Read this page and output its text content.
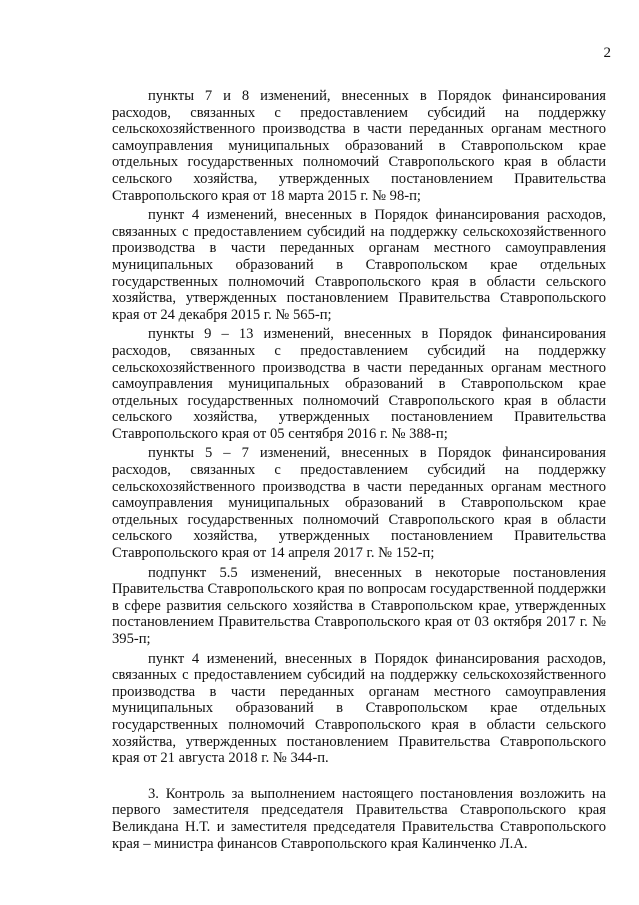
2

пункты 7 и 8 изменений, внесенных в Порядок финансирования расходов, связанных с предоставлением субсидий на поддержку сельскохозяйственного производства в части переданных органам местного самоуправления муниципальных образований в Ставропольском крае отдельных государственных полномочий Ставропольского края в области сельского хозяйства, утвержденных постановлением Правительства Ставропольского края от 18 марта 2015 г. № 98-п;

пункт 4 изменений, внесенных в Порядок финансирования расходов, связанных с предоставлением субсидий на поддержку сельскохозяйственного производства в части переданных органам местного самоуправления муниципальных образований в Ставропольском крае отдельных государственных полномочий Ставропольского края в области сельского хозяйства, утвержденных постановлением Правительства Ставропольского края от 24 декабря 2015 г. № 565-п;

пункты 9 – 13 изменений, внесенных в Порядок финансирования расходов, связанных с предоставлением субсидий на поддержку сельскохозяйственного производства в части переданных органам местного самоуправления муниципальных образований в Ставропольском крае отдельных государственных полномочий Ставропольского края в области сельского хозяйства, утвержденных постановлением Правительства Ставропольского края от 05 сентября 2016 г. № 388-п;

пункты 5 – 7 изменений, внесенных в Порядок финансирования расходов, связанных с предоставлением субсидий на поддержку сельскохозяйственного производства в части переданных органам местного самоуправления муниципальных образований в Ставропольском крае отдельных государственных полномочий Ставропольского края в области сельского хозяйства, утвержденных постановлением Правительства Ставропольского края от 14 апреля 2017 г. № 152-п;

подпункт 5.5 изменений, внесенных в некоторые постановления Правительства Ставропольского края по вопросам государственной поддержки в сфере развития сельского хозяйства в Ставропольском крае, утвержденных постановлением Правительства Ставропольского края от 03 октября 2017 г. № 395-п;

пункт 4 изменений, внесенных в Порядок финансирования расходов, связанных с предоставлением субсидий на поддержку сельскохозяйственного производства в части переданных органам местного самоуправления муниципальных образований в Ставропольском крае отдельных государственных полномочий Ставропольского края в области сельского хозяйства, утвержденных постановлением Правительства Ставропольского края от 21 августа 2018 г. № 344-п.

3. Контроль за выполнением настоящего постановления возложить на первого заместителя председателя Правительства Ставропольского края Великдана Н.Т. и заместителя председателя Правительства Ставропольского края – министра финансов Ставропольского края Калинченко Л.А.
